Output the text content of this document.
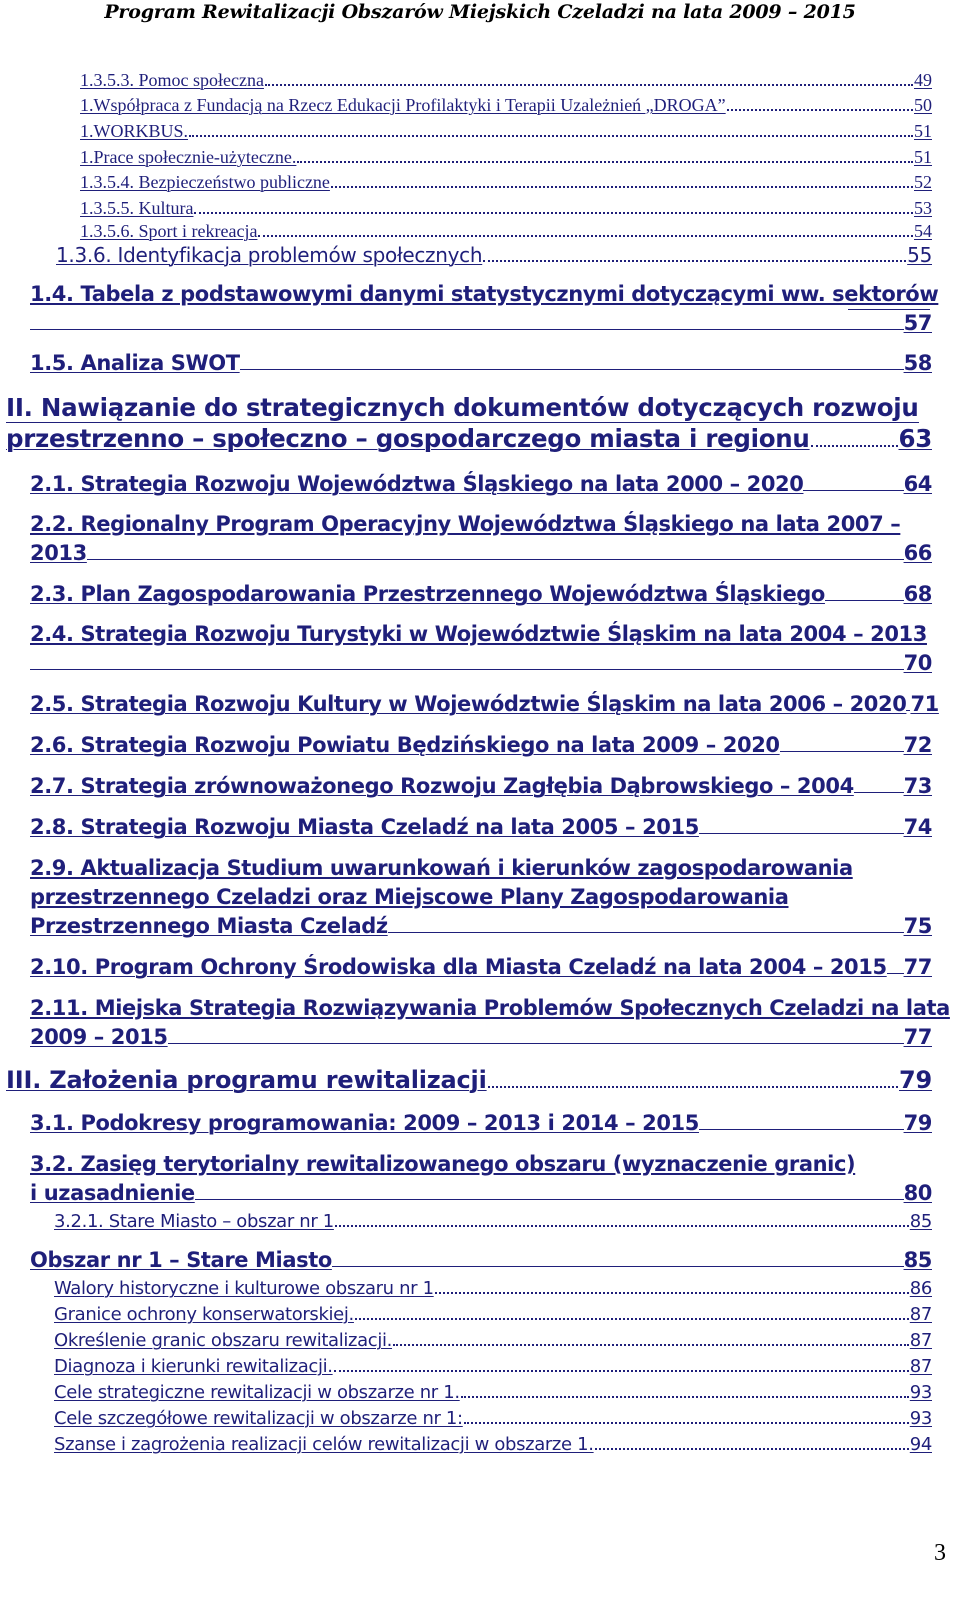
Program Rewitalizacji Obszarów Miejskich Czeladzi na lata 2009 – 2015
1.3.5.3. Pomoc społeczna	49
1.Współpraca z Fundacją na Rzecz Edukacji Profilaktyki i Terapii Uzależnień „DROGA”	50
1.WORKBUS.	51
1.Prace społecznie-użyteczne.	51
1.3.5.4. Bezpieczeństwo publiczne	52
1.3.5.5. Kultura	53
1.3.5.6. Sport i rekreacja	54
1.3.6. Identyfikacja problemów społecznych	55
1.4. Tabela z podstawowymi danymi statystycznymi dotyczącymi ww. sektorów
57
1.5. Analiza SWOT	58
II. Nawiązanie do strategicznych dokumentów dotyczących rozwoju
przestrzenno – społeczno – gospodarczego miasta i regionu	63
2.1. Strategia Rozwoju Województwa Śląskiego na lata 2000 – 2020	64
2.2. Regionalny Program Operacyjny Województwa Śląskiego na lata 2007 –
2013	66
2.3. Plan Zagospodarowania Przestrzennego Województwa Śląskiego	68
2.4. Strategia Rozwoju Turystyki w Województwie Śląskim na lata 2004 – 2013
70
2.5. Strategia Rozwoju Kultury w Województwie Śląskim na lata 2006 – 2020 71
2.6. Strategia Rozwoju Powiatu Będzińskiego na lata 2009 – 2020	72
2.7. Strategia zrównoważonego Rozwoju Zagłębia Dąbrowskiego – 2004 73
2.8. Strategia Rozwoju Miasta Czeladź na lata 2005 – 2015	74
2.9. Aktualizacja Studium uwarunkowań i kierunków zagospodarowania
przestrzennego Czeladzi oraz Miejscowe Plany Zagospodarowania
Przestrzennego Miasta Czeladź	75
2.10. Program Ochrony Środowiska dla Miasta Czeladź na lata 2004 – 2015 77
2.11. Miejska Strategia Rozwiązywania Problemów Społecznych Czeladzi na lata
2009 – 2015	77
III. Założenia programu rewitalizacji	79
3.1. Podokresy programowania: 2009 – 2013 i 2014 – 2015	79
3.2. Zasięg terytorialny rewitalizowanego obszaru (wyznaczenie granic)
i uzasadnienie	80
3.2.1. Stare Miasto – obszar nr 1	85
Obszar nr 1 – Stare Miasto	85
Walory historyczne i kulturowe obszaru nr 1	86
Granice ochrony konserwatorskiej.	87
Określenie granic obszaru rewitalizacji.	87
Diagnoza i kierunki rewitalizacji.	87
Cele strategiczne rewitalizacji w obszarze nr 1.	93
Cele szczegółowe rewitalizacji w obszarze nr 1:	93
Szanse i zagrożenia realizacji celów rewitalizacji w obszarze 1.	94
3
